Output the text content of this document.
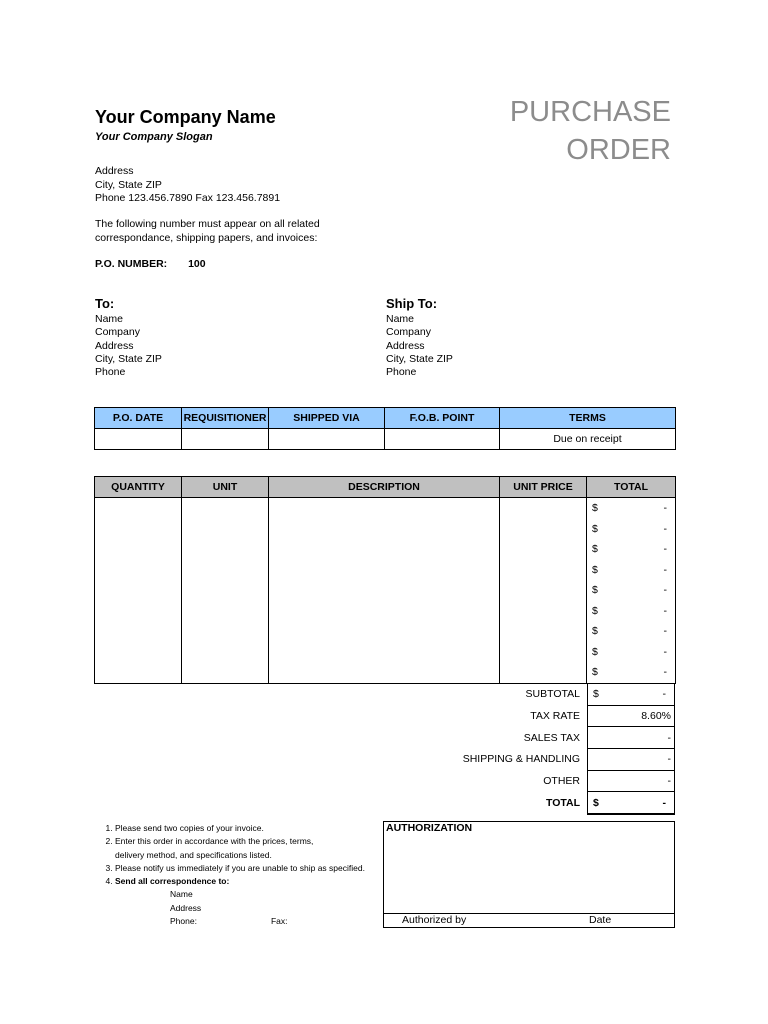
Your Company Name
Your Company Slogan
PURCHASE
ORDER
Address
City, State ZIP
Phone 123.456.7890 Fax 123.456.7891
The following number must appear on all related
correspondance, shipping papers, and invoices:
P.O. NUMBER: 100
To:
Name
Company
Address
City, State ZIP
Phone
Ship To:
Name
Company
Address
City, State ZIP
Phone
P.O. DATE	REQUISITIONER	SHIPPED VIA	F.O.B. POINT	TERMS
				Due on receipt
QUANTITY	UNIT	DESCRIPTION	UNIT PRICE	TOTAL

				$ -

				$ -

				$ -

				$ -

				$ -

				$ -

				$ -

				$ -

				$ -
SUBTOTAL	$ -

TAX RATE	8.60%
SALES TAX	-
SHIPPING & HANDLING	-
OTHER	-
TOTAL	$ -
1. Please send two copies of your invoice.
2. Enter this order in accordance with the prices, terms,
delivery method, and specifications listed.
3. Please notify us immediately if you are unable to ship as specified.
4. Send all correspondence to:
Name
Address
Phone:	Fax:
AUTHORIZATION
Authorized by	Date
